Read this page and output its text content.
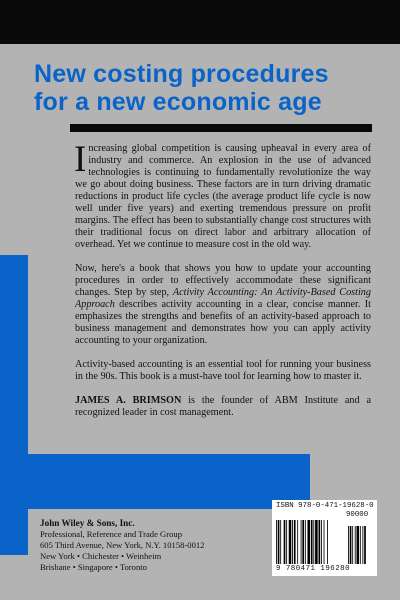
New costing procedures
for a new economic age

Increasing global competition is causing upheaval in every area of industry and commerce. An explosion in the use of advanced technologies is continuing to fundamentally revolutionize the way we go about doing business. These factors are in turn driving dramatic reductions in product life cycles (the average product life cycle is now well under five years) and exerting tremendous pressure on profit margins. The effect has been to substantially change cost structures with their traditional focus on direct labor and arbitrary allocation of overhead. Yet we continue to measure cost in the old way.

Now, here's a book that shows you how to update your accounting procedures in order to effectively accommodate these significant changes. Step by step, Activity Accounting: An Activity-Based Costing Approach describes activity accounting in a clear, concise manner. It emphasizes the strengths and benefits of an activity-based approach to business management and demonstrates how you can apply activity accounting to your organization.

Activity-based accounting is an essential tool for running your business in the 90s. This book is a must-have tool for learning how to master it.

JAMES A. BRIMSON is the founder of ABM Institute and a recognized leader in cost management.

John Wiley & Sons, Inc.
Professional, Reference and Trade Group
605 Third Avenue, New York, N.Y. 10158-0012
New York • Chichester • Weinheim
Brisbane • Singapore • Toronto
ISBN 978-0-471-19628-0
90000
9 780471 196280
